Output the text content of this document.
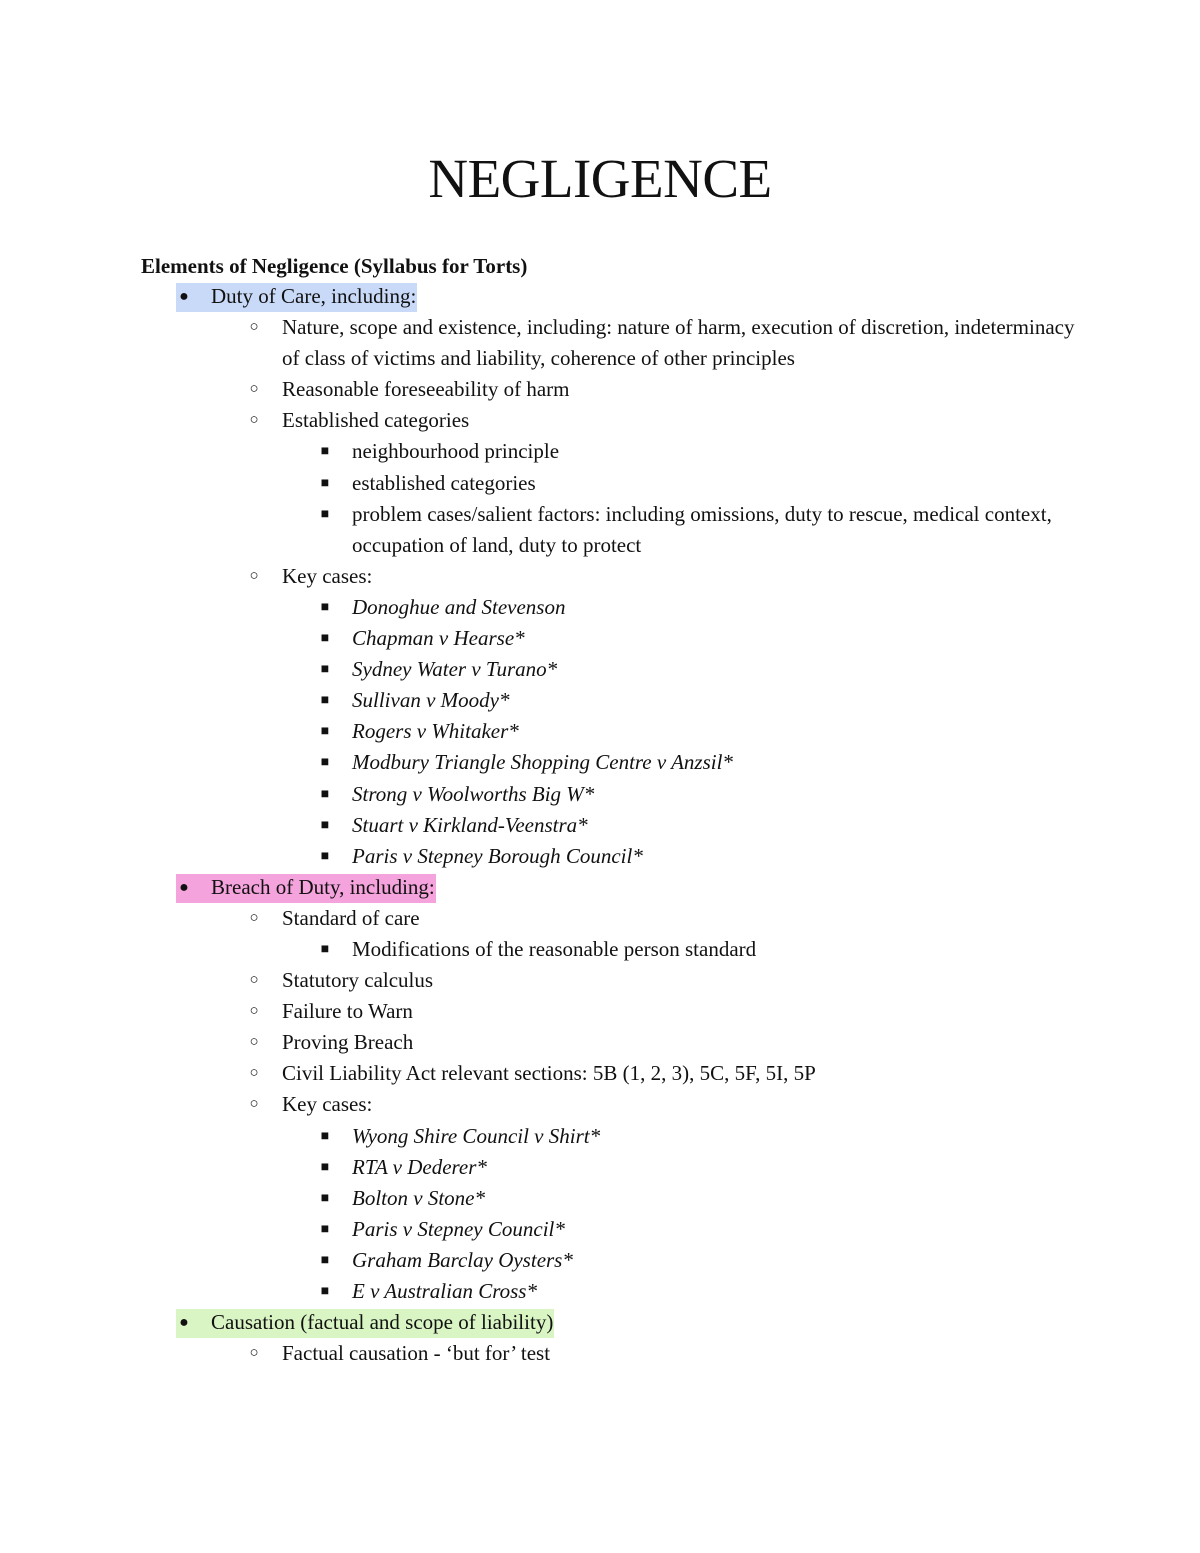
NEGLIGENCE
Elements of Negligence (Syllabus for Torts)
● Duty of Care, including:
○ Nature, scope and existence, including: nature of harm, execution of discretion, indeterminacy of class of victims and liability, coherence of other principles
○ Reasonable foreseeability of harm
○ Established categories
■ neighbourhood principle
■ established categories
■ problem cases/salient factors: including omissions, duty to rescue, medical context, occupation of land, duty to protect
○ Key cases:
■ Donoghue and Stevenson
■ Chapman v Hearse*
■ Sydney Water v Turano*
■ Sullivan v Moody*
■ Rogers v Whitaker*
■ Modbury Triangle Shopping Centre v Anzsil*
■ Strong v Woolworths Big W*
■ Stuart v Kirkland-Veenstra*
■ Paris v Stepney Borough Council*
● Breach of Duty, including:
○ Standard of care
■ Modifications of the reasonable person standard
○ Statutory calculus
○ Failure to Warn
○ Proving Breach
○ Civil Liability Act relevant sections: 5B (1, 2, 3), 5C, 5F, 5I, 5P
○ Key cases:
■ Wyong Shire Council v Shirt*
■ RTA v Dederer*
■ Bolton v Stone*
■ Paris v Stepney Council*
■ Graham Barclay Oysters*
■ E v Australian Cross*
● Causation (factual and scope of liability)
○ Factual causation - ‘but for’ test
